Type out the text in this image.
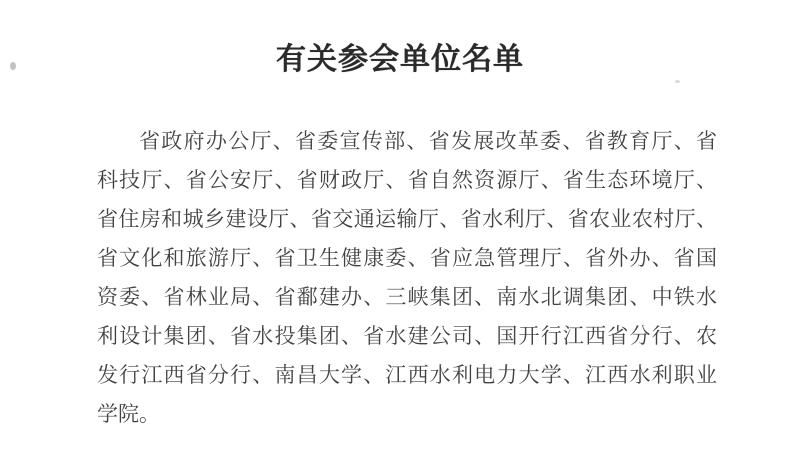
有关参会单位名单
省政府办公厅、省委宣传部、省发展改革委、省教育厅、省
科技厅、省公安厅、省财政厅、省自然资源厅、省生态环境厅、
省住房和城乡建设厅、省交通运输厅、省水利厅、省农业农村厅、
省文化和旅游厅、省卫生健康委、省应急管理厅、省外办、省国
资委、省林业局、省鄱建办、三峡集团、南水北调集团、中铁水
利设计集团、省水投集团、省水建公司、国开行江西省分行、农
发行江西省分行、南昌大学、江西水利电力大学、江西水利职业
学院。
